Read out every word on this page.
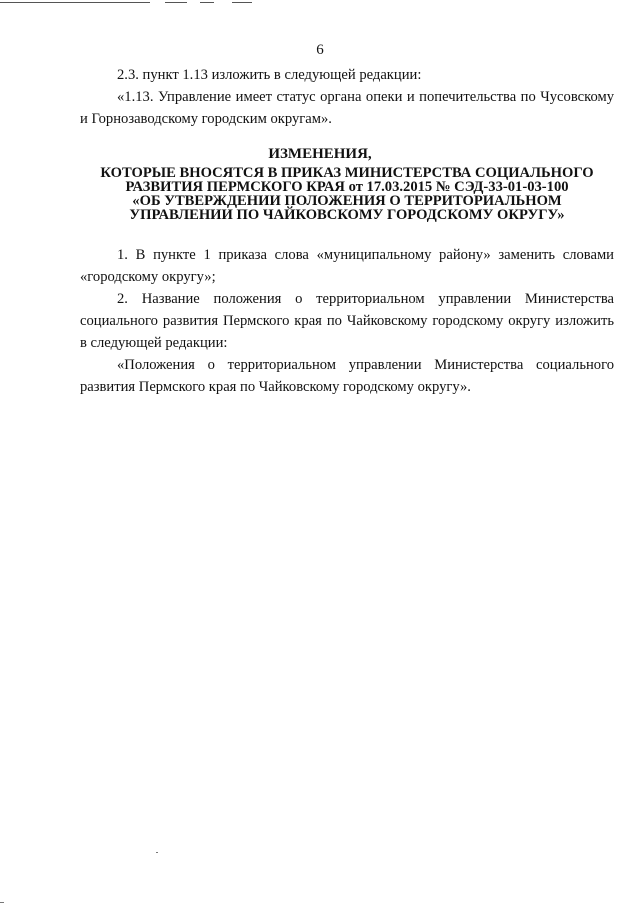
6
2.3. пункт 1.13 изложить в следующей редакции:
«1.13. Управление имеет статус органа опеки и попечительства по Чусовскому и Горнозаводскому городским округам».
ИЗМЕНЕНИЯ,
КОТОРЫЕ ВНОСЯТСЯ В ПРИКАЗ МИНИСТЕРСТВА СОЦИАЛЬНОГО
РАЗВИТИЯ ПЕРМСКОГО КРАЯ от 17.03.2015 № СЭД-33-01-03-100
«ОБ УТВЕРЖДЕНИИ ПОЛОЖЕНИЯ О ТЕРРИТОРИАЛЬНОМ
УПРАВЛЕНИИ ПО ЧАЙКОВСКОМУ ГОРОДСКОМУ ОКРУГУ»
1. В пункте 1 приказа слова «муниципальному району» заменить словами «городскому округу»;
2. Название положения о территориальном управлении Министерства социального развития Пермского края по Чайковскому городскому округу изложить в следующей редакции:
«Положения о территориальном управлении Министерства социального развития Пермского края по Чайковскому городскому округу».
